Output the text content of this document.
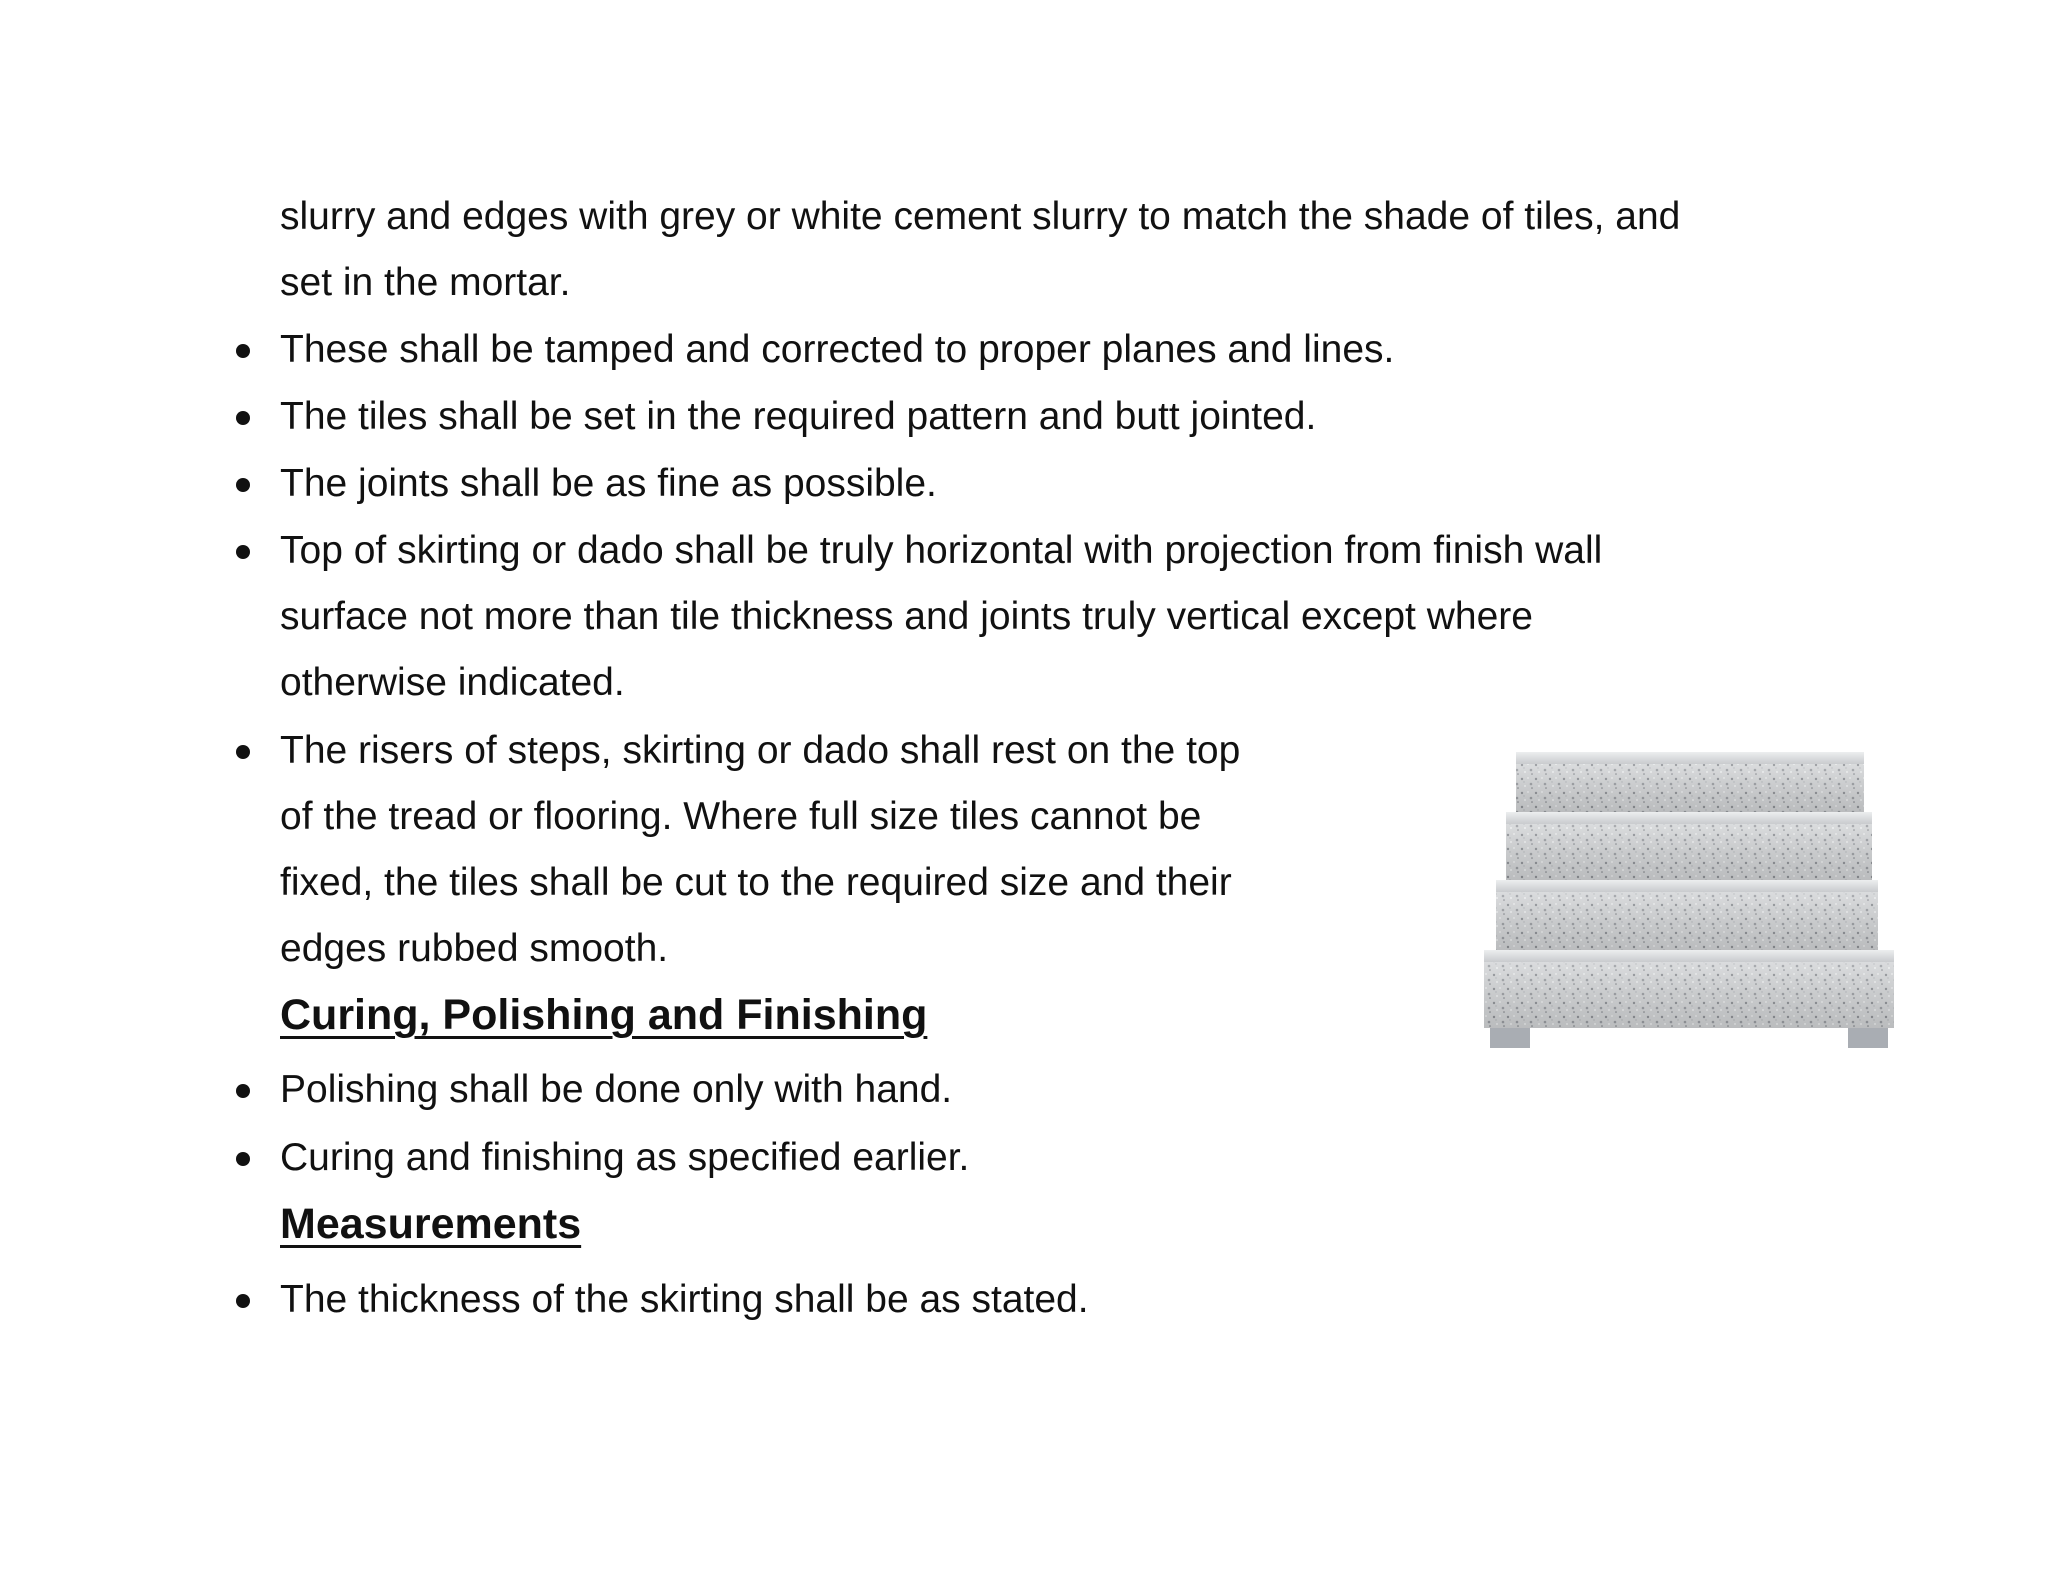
slurry and edges with grey or white cement slurry to match the shade of tiles, and
set in the mortar.
These shall be tamped and corrected to proper planes and lines.
The tiles shall be set in the required pattern and butt jointed.
The joints shall be as fine as possible.
Top of skirting or dado shall be truly horizontal with projection from finish wall
surface not more than tile thickness and joints truly vertical except where
otherwise indicated.
The risers of steps, skirting or dado shall rest on the top
of the tread or flooring. Where full size tiles cannot be
fixed, the tiles shall be cut to the required size and their
edges rubbed smooth.
Curing, Polishing and Finishing
Polishing shall be done only with hand.
Curing and finishing as specified earlier.
Measurements
The thickness of the skirting shall be as stated.
